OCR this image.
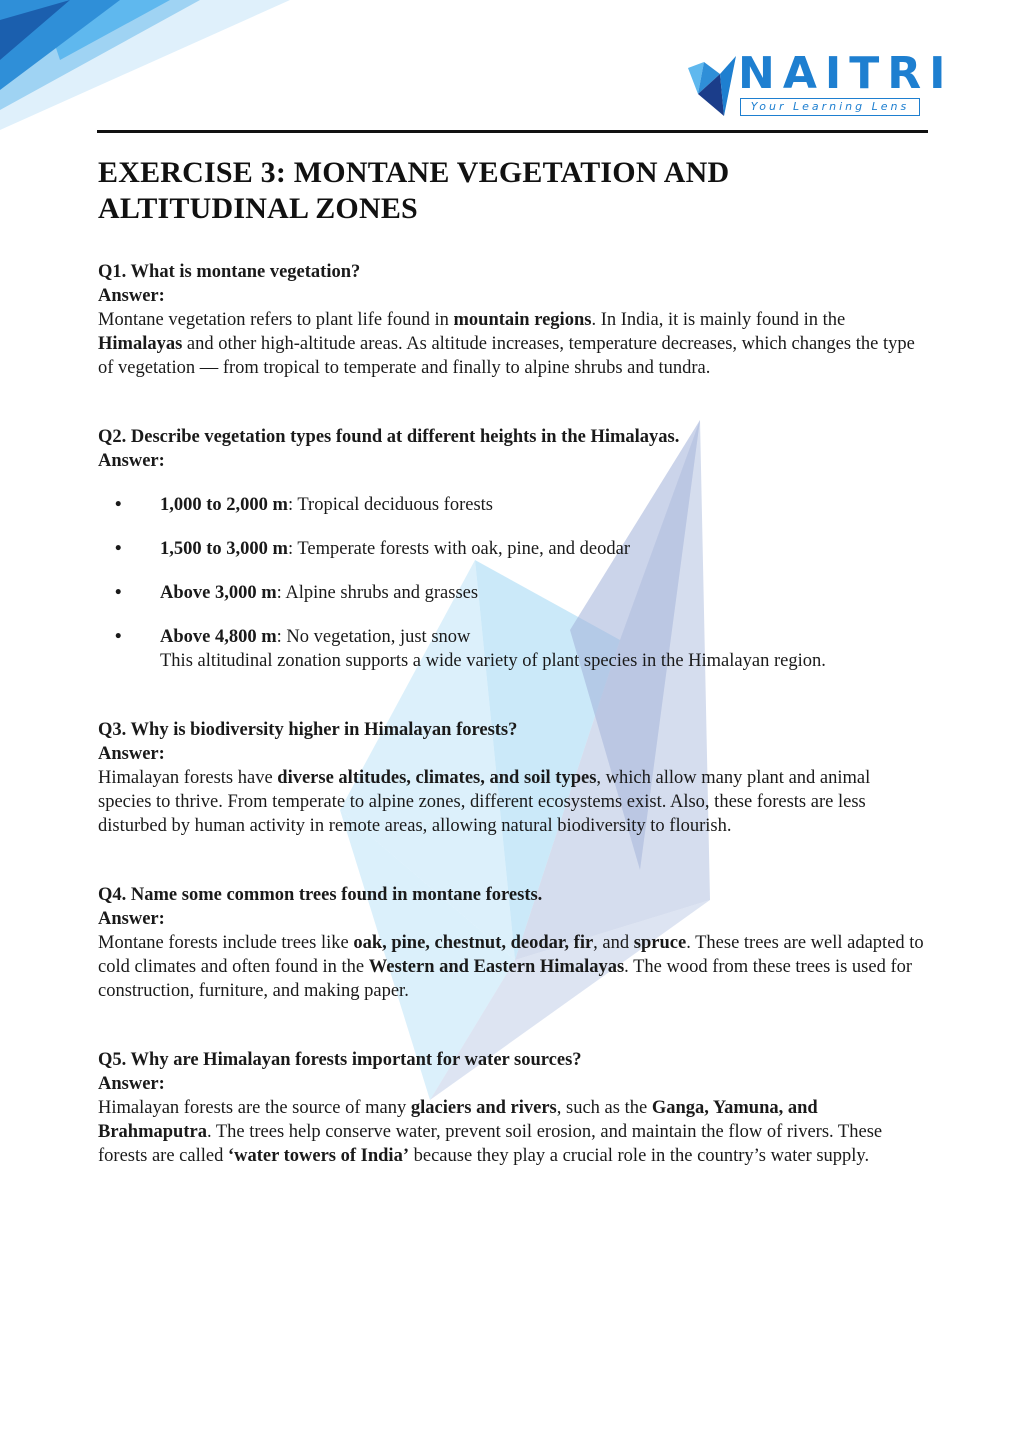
NAITRI
Your Learning Lens
EXERCISE 3: MONTANE VEGETATION AND ALTITUDINAL ZONES

Q1. What is montane vegetation?

Answer:

Montane vegetation refers to plant life found in mountain regions. In India, it is mainly found in the Himalayas and other high-altitude areas. As altitude increases, temperature decreases, which changes the type of vegetation — from tropical to temperate and finally to alpine shrubs and tundra.

Q2. Describe vegetation types found at different heights in the Himalayas.

Answer:

• 1,000 to 2,000 m: Tropical deciduous forests
• 1,500 to 3,000 m: Temperate forests with oak, pine, and deodar
• Above 3,000 m: Alpine shrubs and grasses
• Above 4,800 m: No vegetation, just snow
This altitudinal zonation supports a wide variety of plant species in the Himalayan region.

Q3. Why is biodiversity higher in Himalayan forests?

Answer:

Himalayan forests have diverse altitudes, climates, and soil types, which allow many plant and animal species to thrive. From temperate to alpine zones, different ecosystems exist. Also, these forests are less disturbed by human activity in remote areas, allowing natural biodiversity to flourish.

Q4. Name some common trees found in montane forests.

Answer:

Montane forests include trees like oak, pine, chestnut, deodar, fir, and spruce. These trees are well adapted to cold climates and often found in the Western and Eastern Himalayas. The wood from these trees is used for construction, furniture, and making paper.

Q5. Why are Himalayan forests important for water sources?

Answer:

Himalayan forests are the source of many glaciers and rivers, such as the Ganga, Yamuna, and Brahmaputra. The trees help conserve water, prevent soil erosion, and maintain the flow of rivers. These forests are called ‘water towers of India’ because they play a crucial role in the country’s water supply.
